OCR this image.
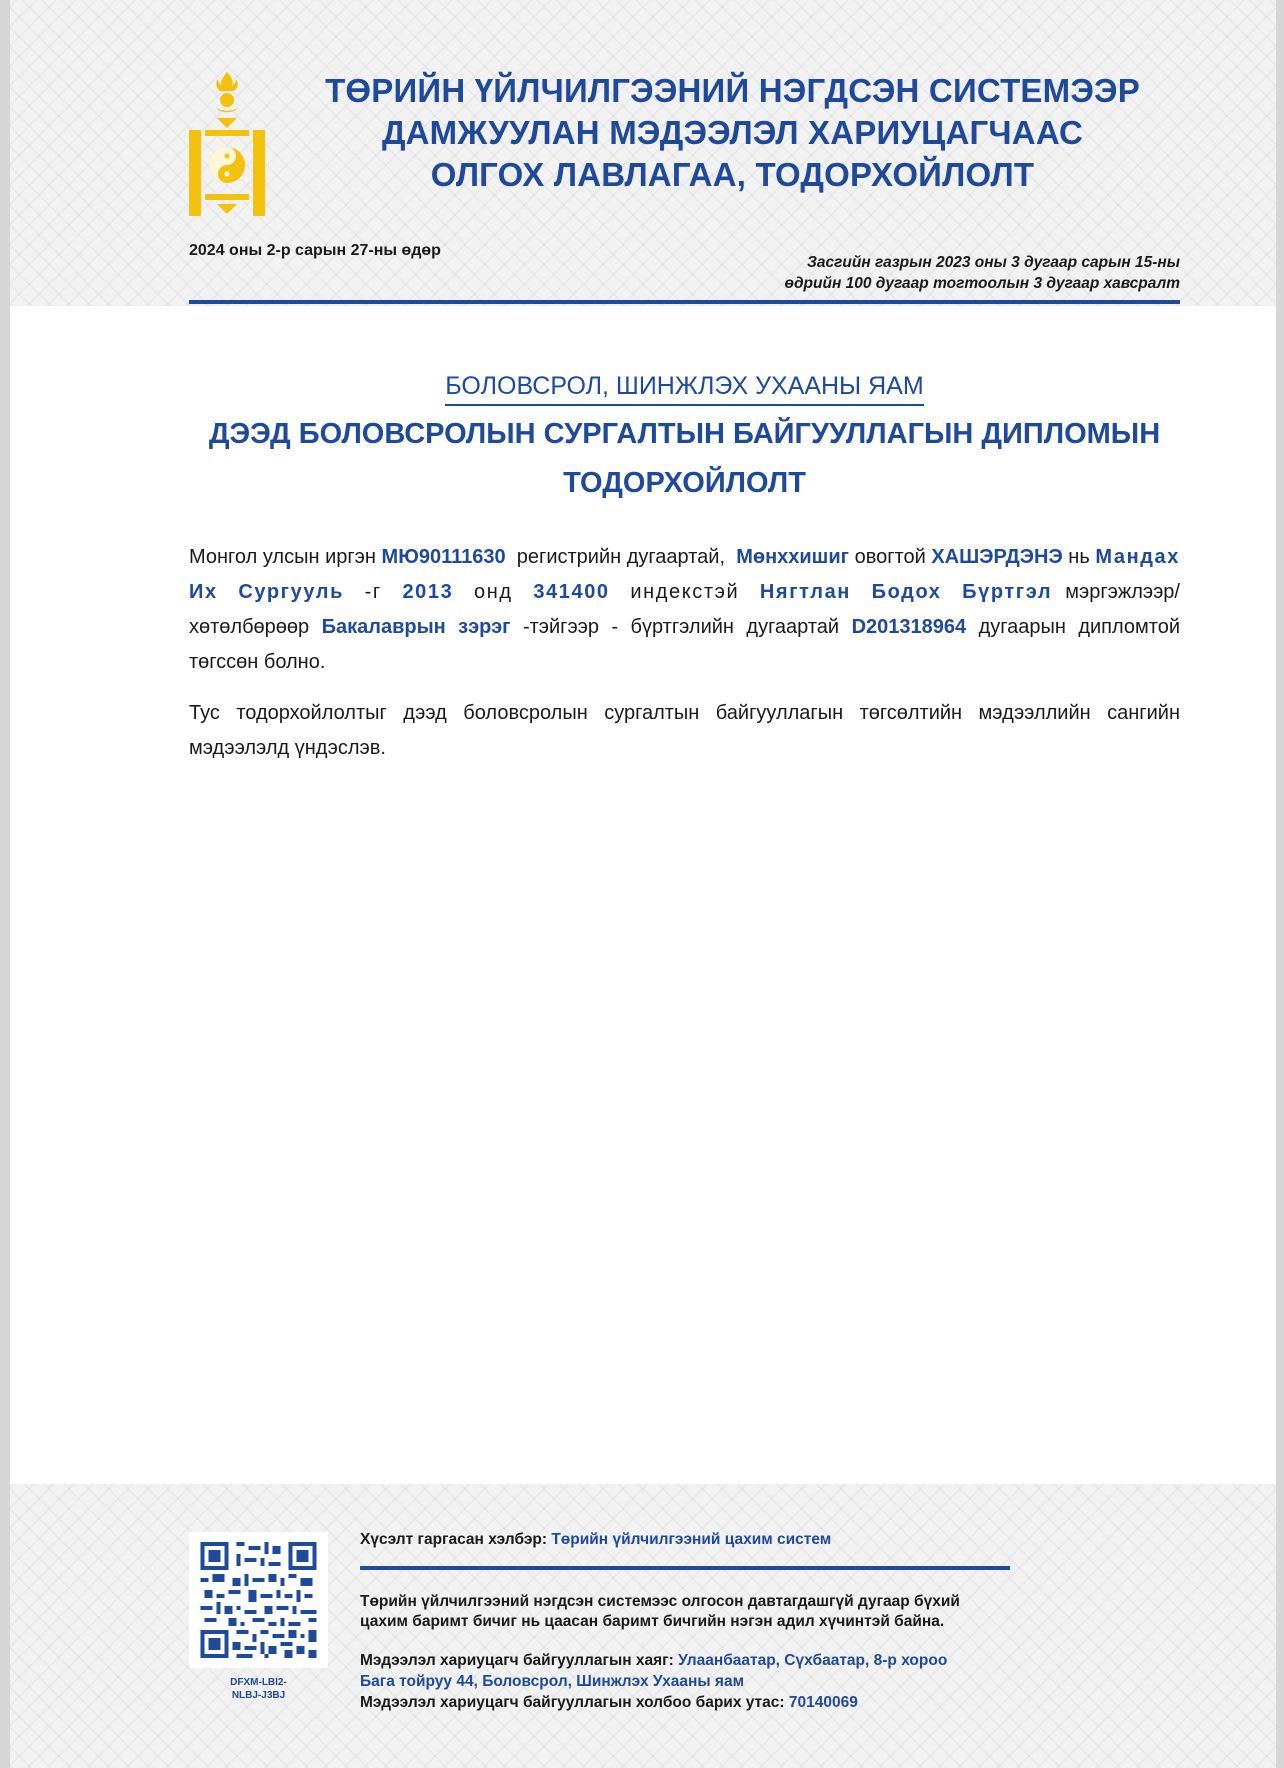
ТӨРИЙН ҮЙЛЧИЛГЭЭНИЙ НЭГДСЭН СИСТЕМЭЭР
ДАМЖУУЛАН МЭДЭЭЛЭЛ ХАРИУЦАГЧААС
ОЛГОХ ЛАВЛАГАА, ТОДОРХОЙЛОЛТ
2024 оны 2-р сарын 27-ны өдөр
Засгийн газрын 2023 оны 3 дугаар сарын 15-ны
өдрийн 100 дугаар тогтоолын 3 дугаар хавсралт
БОЛОВСРОЛ, ШИНЖЛЭХ УХААНЫ ЯАМ
ДЭЭД БОЛОВСРОЛЫН СУРГАЛТЫН БАЙГУУЛЛАГЫН ДИПЛОМЫН
ТОДОРХОЙЛОЛТ

Монгол улсын иргэн МЮ90111630 регистрийн дугаартай, Мөнххишиг овогтой ХАШЭРДЭНЭ нь Мандах Их Сургууль -г 2013 онд 341400 индекстэй Нягтлан Бодох Бүртгэл мэргэжлээр/хөтөлбөрөөр Бакалаврын зэрэг -тэйгээр - бүртгэлийн дугаартай D201318964 дугаарын дипломтой төгссөн болно.

Тус тодорхойлолтыг дээд боловсролын сургалтын байгууллагын төгсөлтийн мэдээллийн сангийн мэдээлэлд үндэслэв.

DFXM-LBI2-
NLBJ-J3BJ
Хүсэлт гаргасан хэлбэр: Төрийн үйлчилгээний цахим систем
Төрийн үйлчилгээний нэгдсэн системээс олгосон давтагдашгүй дугаар бүхий
цахим баримт бичиг нь цаасан баримт бичгийн нэгэн адил хүчинтэй байна.
Мэдээлэл хариуцагч байгууллагын хаяг: Улаанбаатар, Сүхбаатар, 8-р хороо
Бага тойруу 44, Боловсрол, Шинжлэх Ухааны яам
Мэдээлэл хариуцагч байгууллагын холбоо барих утас: 70140069
